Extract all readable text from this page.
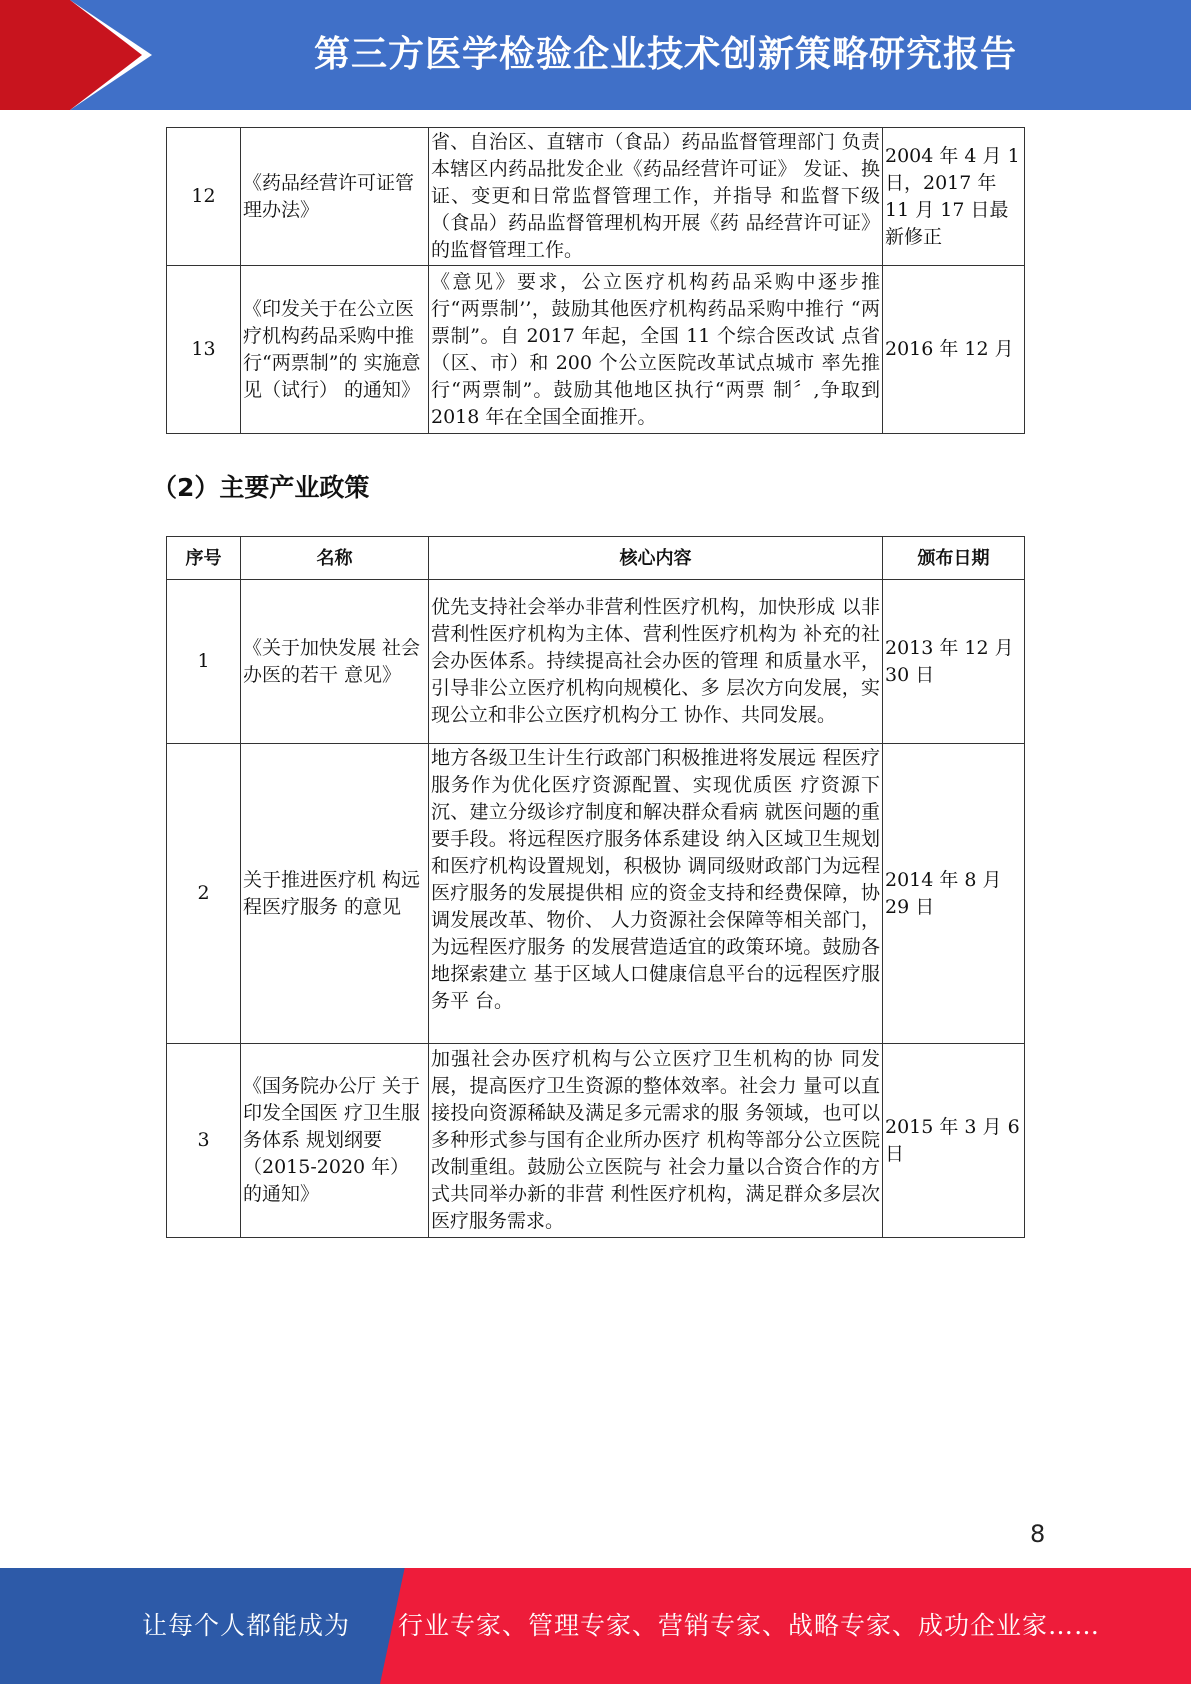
第三方医学检验企业技术创新策略研究报告
12	《药品经营许可证管理办法》	省、自治区、直辖市（食品）药品监督管理部门 负责本辖区内药品批发企业《药品经营许可证》 发证、换证、变更和日常监督管理工作，并指导 和监督下级（食品）药品监督管理机构开展《药 品经营许可证》的监督管理工作。	2004 年 4 月 1 日，2017 年 11 月 17 日最新修正
13	《印发关于在公立医疗机构药品采购中推行“两票制”的 实施意见（试行） 的通知》	《意见》要求，公立医疗机构药品采购中逐步推 行“两票制’’，鼓励其他医疗机构药品采购中推行 “两票制”。自 2017 年起，全国 11 个综合医改试 点省（区、市）和 200 个公立医院改革试点城市 率先推行“两票制”。鼓励其他地区执行“两票 制〞,争取到 2018 年在全国全面推开。	2016 年 12 月
（2）主要产业政策
序号	名称	核心内容	颁布日期
1	《关于加快发展 社会办医的若干 意见》	优先支持社会举办非营利性医疗机构，加快形成 以非营利性医疗机构为主体、营利性医疗机构为 补充的社会办医体系。持续提高社会办医的管理 和质量水平，引导非公立医疗机构向规模化、多 层次方向发展，实现公立和非公立医疗机构分工 协作、共同发展。	2013 年 12 月 30 日
2	关于推进医疗机 构远程医疗服务 的意见	地方各级卫生计生行政部门积极推进将发展远 程医疗服务作为优化医疗资源配置、实现优质医 疗资源下沉、建立分级诊疗制度和解决群众看病 就医问题的重要手段。将远程医疗服务体系建设 纳入区域卫生规划和医疗机构设置规划，积极协 调同级财政部门为远程医疗服务的发展提供相 应的资金支持和经费保障，协调发展改革、物价、 人力资源社会保障等相关部门，为远程医疗服务 的发展营造适宜的政策环境。鼓励各地探索建立 基于区域人口健康信息平台的远程医疗服务平 台。	2014 年 8 月 29 日
3	《国务院办公厅 关于印发全国医 疗卫生服务体系 规划纲要（2015-2020 年）的通知》	加强社会办医疗机构与公立医疗卫生机构的协 同发展，提高医疗卫生资源的整体效率。社会力 量可以直接投向资源稀缺及满足多元需求的服 务领域，也可以多种形式参与国有企业所办医疗 机构等部分公立医院改制重组。鼓励公立医院与 社会力量以合资合作的方式共同举办新的非营 利性医疗机构，满足群众多层次医疗服务需求。	2015 年 3 月 6 日
8
让每个人都能成为 行业专家、管理专家、营销专家、战略专家、成功企业家……
